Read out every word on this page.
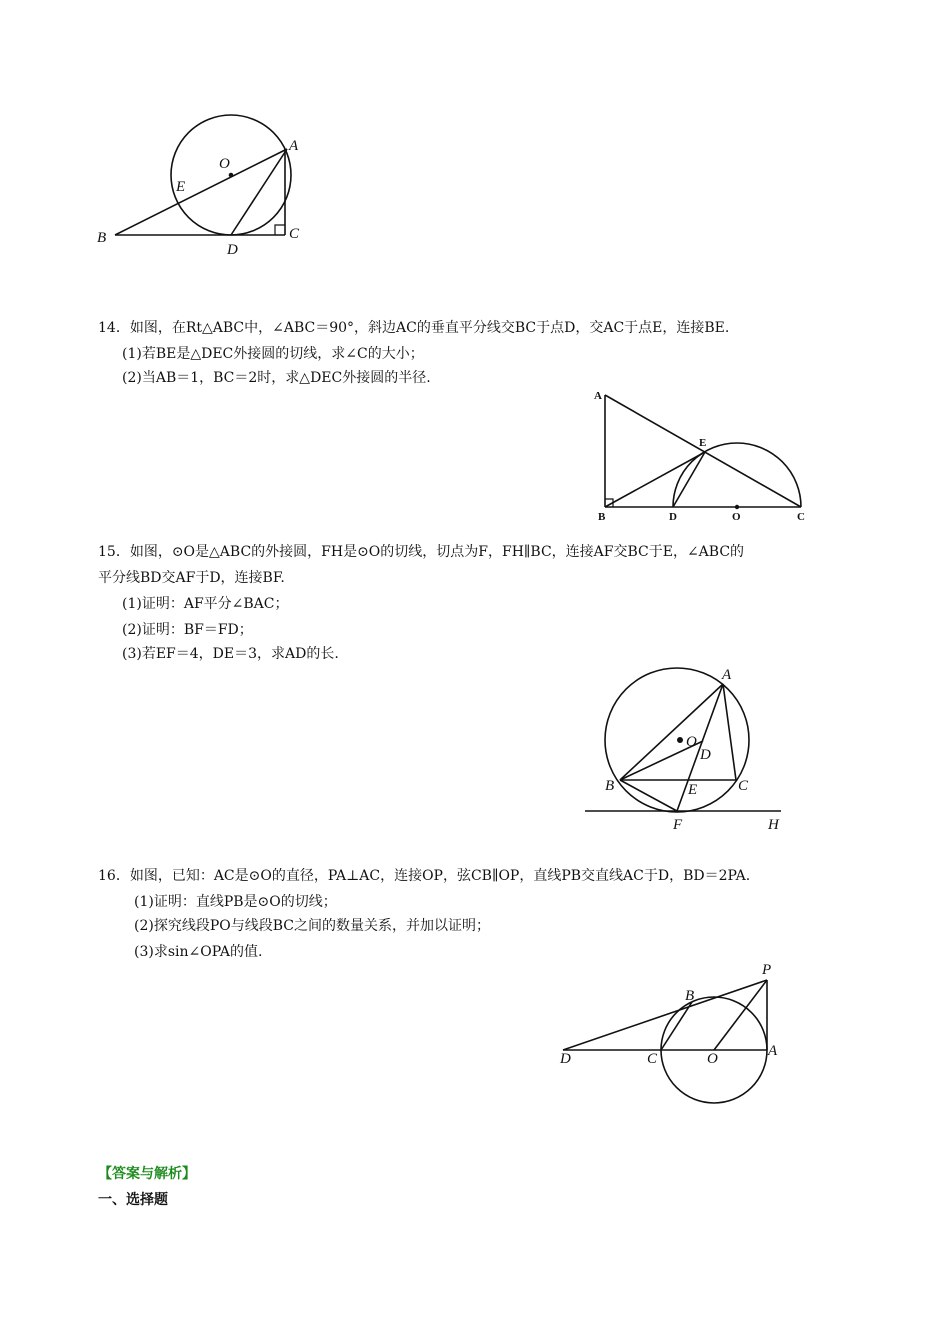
A
O
E
B
D
C
14．如图，在Rt△ABC中，∠ABC＝90°，斜边AC的垂直平分线交BC于点D，交AC于点E，连接BE.
(1)若BE是△DEC外接圆的切线，求∠C的大小；
(2)当AB＝1，BC＝2时，求△DEC外接圆的半径.
A
E
B	D	O	C
15．如图，⊙O是△ABC的外接圆，FH是⊙O的切线，切点为F，FH∥BC，连接AF交BC于E，∠ABC的
平分线BD交AF于D，连接BF.
(1)证明：AF平分∠BAC；
(2)证明：BF＝FD；
(3)若EF＝4，DE＝3，求AD的长.
A
O
D
B	C
E
F	H
16．如图，已知：AC是⊙O的直径，PA⊥AC，连接OP，弦CB∥OP，直线PB交直线AC于D，BD＝2PA.
(1)证明：直线PB是⊙O的切线；
(2)探究线段PO与线段BC之间的数量关系，并加以证明；
(3)求sin∠OPA的值.
P
B
D	C	O	A
【答案与解析】
一、选择题
